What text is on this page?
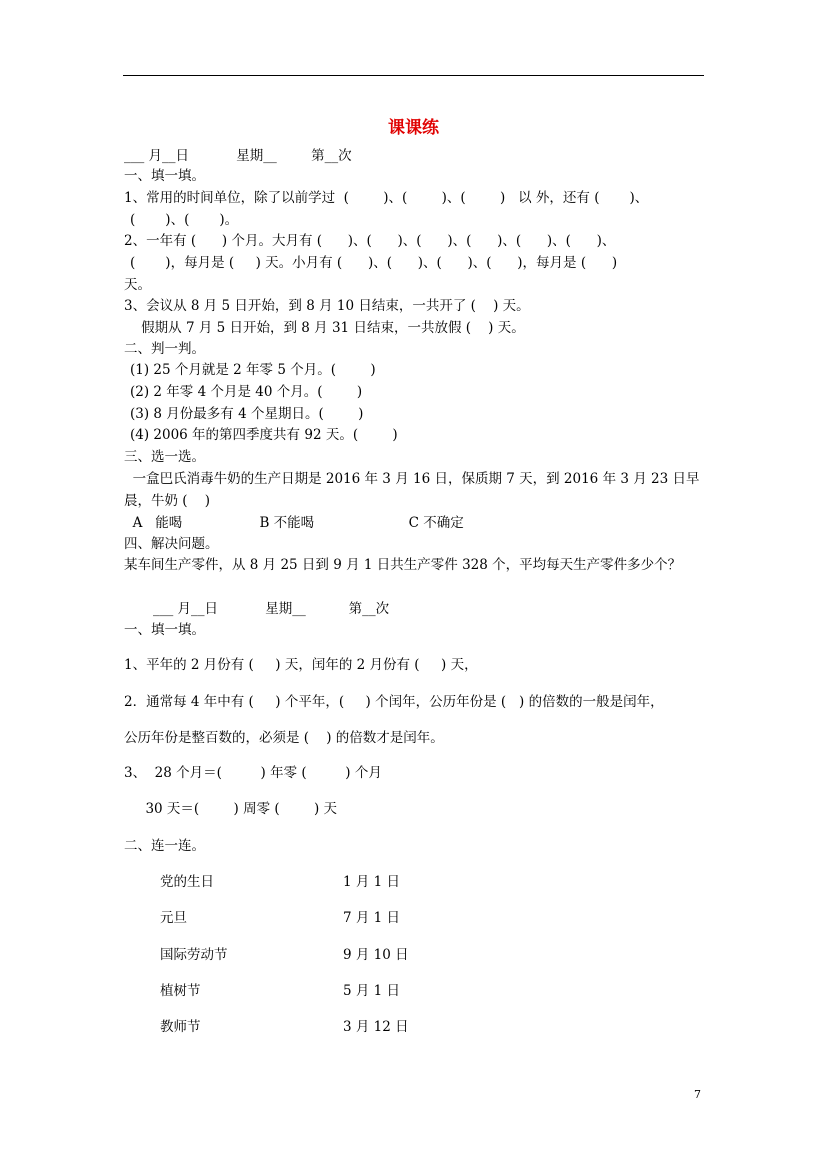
课课练
___ 月__日           星期__        第__次
一、填一填。
1、常用的时间单位，除了以前学过  (        )、(        )、(        )   以 外，还有 (       )、
(       )、(       )。
2、一年有 (      ) 个月。大月有 (      )、(      )、(      )、(      )、(      )、(      )、
(       )，每月是 (     ) 天。小月有 (      )、(      )、(      )、(      )，每月是 (      )
天。
3、会议从 8 月 5 日开始，到 8 月 10 日结束，一共开了 (    ) 天。
假期从 7 月 5 日开始，到 8 月 31 日结束，一共放假 (    ) 天。
二、判一判。
(1) 25 个月就是 2 年零 5 个月。(        )
(2) 2 年零 4 个月是 40 个月。(        )
(3) 8 月份最多有 4 个星期日。(        )
(4) 2006 年的第四季度共有 92 天。(        )
三、选一选。
一盒巴氏消毒牛奶的生产日期是 2016 年 3 月 16 日，保质期 7 天，到 2016 年 3 月 23 日早
晨，牛奶 (    )
A   能喝                  B 不能喝                      C 不确定
四、解决问题。
某车间生产零件，从 8 月 25 日到 9 月 1 日共生产零件 328 个，平均每天生产零件多少个？
___ 月__日           星期__          第__次
一、填一填。
1、平年的 2 月份有 (     ) 天，闰年的 2 月份有 (     ) 天，
2．通常每 4 年中有 (     ) 个平年，(     ) 个闰年，公历年份是 (   ) 的倍数的一般是闰年，
公历年份是整百数的，必须是 (    ) 的倍数才是闰年。
3、  28 个月＝(         ) 年零 (         ) 个月
30 天＝(        ) 周零 (        ) 天
二、连一连。
党的生日	1 月 1 日
元旦	7 月 1 日
国际劳动节	9 月 10 日
植树节	5 月 1 日
教师节	3 月 12 日
7
